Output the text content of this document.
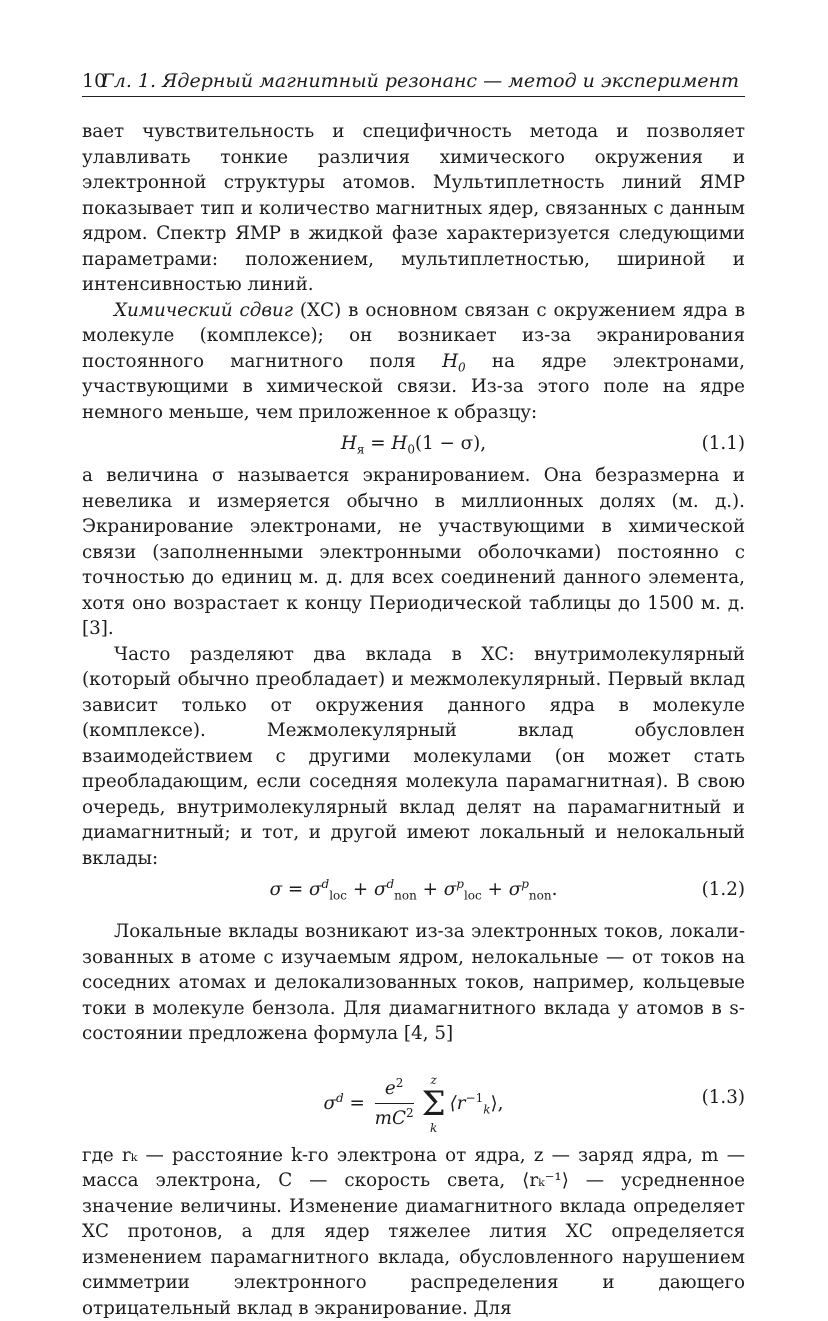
10
Гл. 1. Ядерный магнитный резонанс — метод и эксперимент

вает чувствительность и специфичность метода и позволяет улавливать тонкие различия химического окружения и электронной структуры атомов. Мультиплетность линий ЯМР показывает тип и количество магнитных ядер, связанных с данным ядром. Спектр ЯМР в жидкой фазе характеризуется следующими параметрами: положением, мультиплетностью, шириной и интенсивностью линий.

Химический сдвиг (ХС) в основном связан с окружением ядра в молекуле (комплексе); он возникает из-за экранирования постоянного магнитного поля $H_0$ на ядре электронами, участвующими в химической связи. Из-за этого поле на ядре немного меньше, чем приложенное к образцу:

$H_я = H_0(1 - \sigma)$,	(1.1)

а величина σ называется экранированием. Она безразмерна и невелика и измеряется обычно в миллионных долях (м. д.). Экранирование электронами, не участвующими в химической связи (заполненными электронными оболочками) постоянно с точностью до единиц м. д. для всех соединений данного элемента, хотя оно возрастает к концу Периодической таблицы до 1500 м. д. [3].

Часто разделяют два вклада в ХС: внутримолекулярный (который обычно преобладает) и межмолекулярный. Первый вклад зависит только от окружения данного ядра в молекуле (комплексе). Межмолекулярный вклад обусловлен взаимодействием с другими молекулами (он может стать преобладающим, если соседняя молекула парамагнитная). В свою очередь, внутримолекулярный вклад делят на парамагнитный и диамагнитный; и тот, и другой имеют локальный и нелокальный вклады:

$\sigma = \sigma^d_{loc} + \sigma^d_{non} + \sigma^p_{loc} + \sigma^p_{non}$.	(1.2)

Локальные вклады возникают из-за электронных токов, локализованных в атоме с изучаемым ядром, нелокальные — от токов на соседних атомах и делокализованных токов, например, кольцевые токи в молекуле бензола. Для диамагнитного вклада у атомов в s-состоянии предложена формула [4, 5]

$\sigma^d = \frac{e^2}{mC^2}$	z
Σ
k
$⟨r^{-1}_k⟩$,	(1.3)

где rₖ — расстояние k-го электрона от ядра, z — заряд ядра, m — масса электрона, C — скорость света, ⟨rₖ⁻¹⟩ — усредненное значение величины. Изменение диамагнитного вклада определяет ХС протонов, а для ядер тяжелее лития ХС определяется изменением парамагнитного вклада, обусловленного нарушением симметрии электронного распределения и дающего отрицательный вклад в экранирование. Для
